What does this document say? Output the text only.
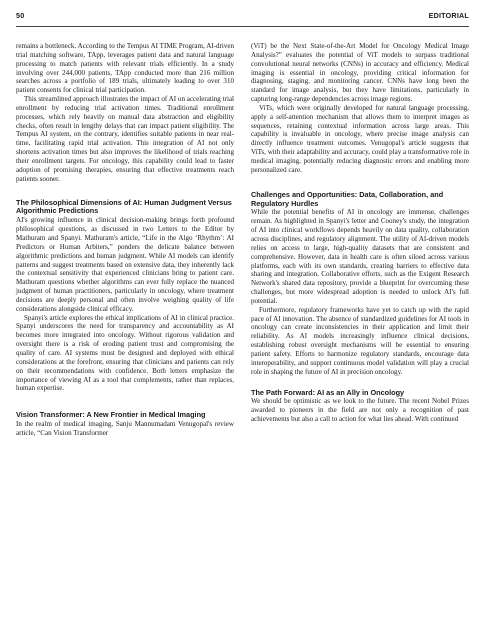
50	EDITORIAL

remains a bottleneck. According to the Tempus AI TIME Program, AI-driven trial matching software, TApp, leverages patient data and natural language processing to match patients with relevant trials efficiently. In a study involving over 244,000 patients, TApp conducted more than 216 million searches across a portfolio of 189 trials, ultimately leading to over 310 patient consents for clinical trial participation.

This streamlined approach illustrates the impact of AI on accelerating trial enrollment by reducing trial activation times. Traditional enrollment processes, which rely heavily on manual data abstraction and eligibility checks, often result in lengthy delays that can impact patient eligibility. The Tempus AI system, on the contrary, identifies suitable patients in near real-time, facilitating rapid trial activation. This integration of AI not only shortens activation times but also improves the likelihood of trials reaching their enrollment targets. For oncology, this capability could lead to faster adoption of promising therapies, ensuring that effective treatments reach patients sooner.

The Philosophical Dimensions of AI: Human Judgment Versus Algorithmic Predictions

AI's growing influence in clinical decision-making brings forth profound philosophical questions, as discussed in two Letters to the Editor by Mathuram and Spanyi. Mathuram's article, “Life in the Algo ‘Rhythm’: AI Predictors or Human Arbiters,” ponders the delicate balance between algorithmic predictions and human judgment. While AI models can identify patterns and suggest treatments based on extensive data, they inherently lack the contextual sensitivity that experienced clinicians bring to patient care. Mathuram questions whether algorithms can ever fully replace the nuanced judgment of human practitioners, particularly in oncology, where treatment decisions are deeply personal and often involve weighing quality of life considerations alongside clinical efficacy.

Spanyi's article explores the ethical implications of AI in clinical practice. Spanyi underscores the need for transparency and accountability as AI becomes more integrated into oncology. Without rigorous validation and oversight there is a risk of eroding patient trust and compromising the quality of care. AI systems must be designed and deployed with ethical considerations at the forefront, ensuring that clinicians and patients can rely on their recommendations with confidence. Both letters emphasize the importance of viewing AI as a tool that complements, rather than replaces, human expertise.

Vision Transformer: A New Frontier in Medical Imaging

In the realm of medical imaging, Sanju Mannumadam Venugopal's review article, “Can Vision Transformer

(ViT) be the Next State-of-the-Art Model for Oncology Medical Image Analysis?” evaluates the potential of ViT models to surpass traditional convolutional neural networks (CNNs) in accuracy and efficiency. Medical imaging is essential in oncology, providing critical information for diagnosing, staging, and monitoring cancer. CNNs have long been the standard for image analysis, but they have limitations, particularly in capturing long-range dependencies across image regions.

ViTs, which were originally developed for natural language processing, apply a self-attention mechanism that allows them to interpret images as sequences, retaining contextual information across large areas. This capability is invaluable in oncology, where precise image analysis can directly influence treatment outcomes. Venugopal's article suggests that ViTs, with their adaptability and accuracy, could play a transformative role in medical imaging, potentially reducing diagnostic errors and enabling more personalized care.

Challenges and Opportunities: Data, Collaboration, and Regulatory Hurdles

While the potential benefits of AI in oncology are immense, challenges remain. As highlighted in Spanyi's letter and Cooney's study, the integration of AI into clinical workflows depends heavily on data quality, collaboration across disciplines, and regulatory alignment. The utility of AI-driven models relies on access to large, high-quality datasets that are consistent and comprehensive. However, data in health care is often siloed across various platforms, each with its own standards, creating barriers to effective data sharing and integration. Collaborative efforts, such as the Exigent Research Network's shared data repository, provide a blueprint for overcoming these challenges, but more widespread adoption is needed to unlock AI's full potential.

Furthermore, regulatory frameworks have yet to catch up with the rapid pace of AI innovation. The absence of standardized guidelines for AI tools in oncology can create inconsistencies in their application and limit their reliability. As AI models increasingly influence clinical decisions, establishing robust oversight mechanisms will be essential to ensuring patient safety. Efforts to harmonize regulatory standards, encourage data interoperability, and support continuous model validation will play a crucial role in shaping the future of AI in precision oncology.

The Path Forward: AI as an Ally in Oncology

We should be optimistic as we look to the future. The recent Nobel Prizes awarded to pioneers in the field are not only a recognition of past achievements but also a call to action for what lies ahead. With continued
